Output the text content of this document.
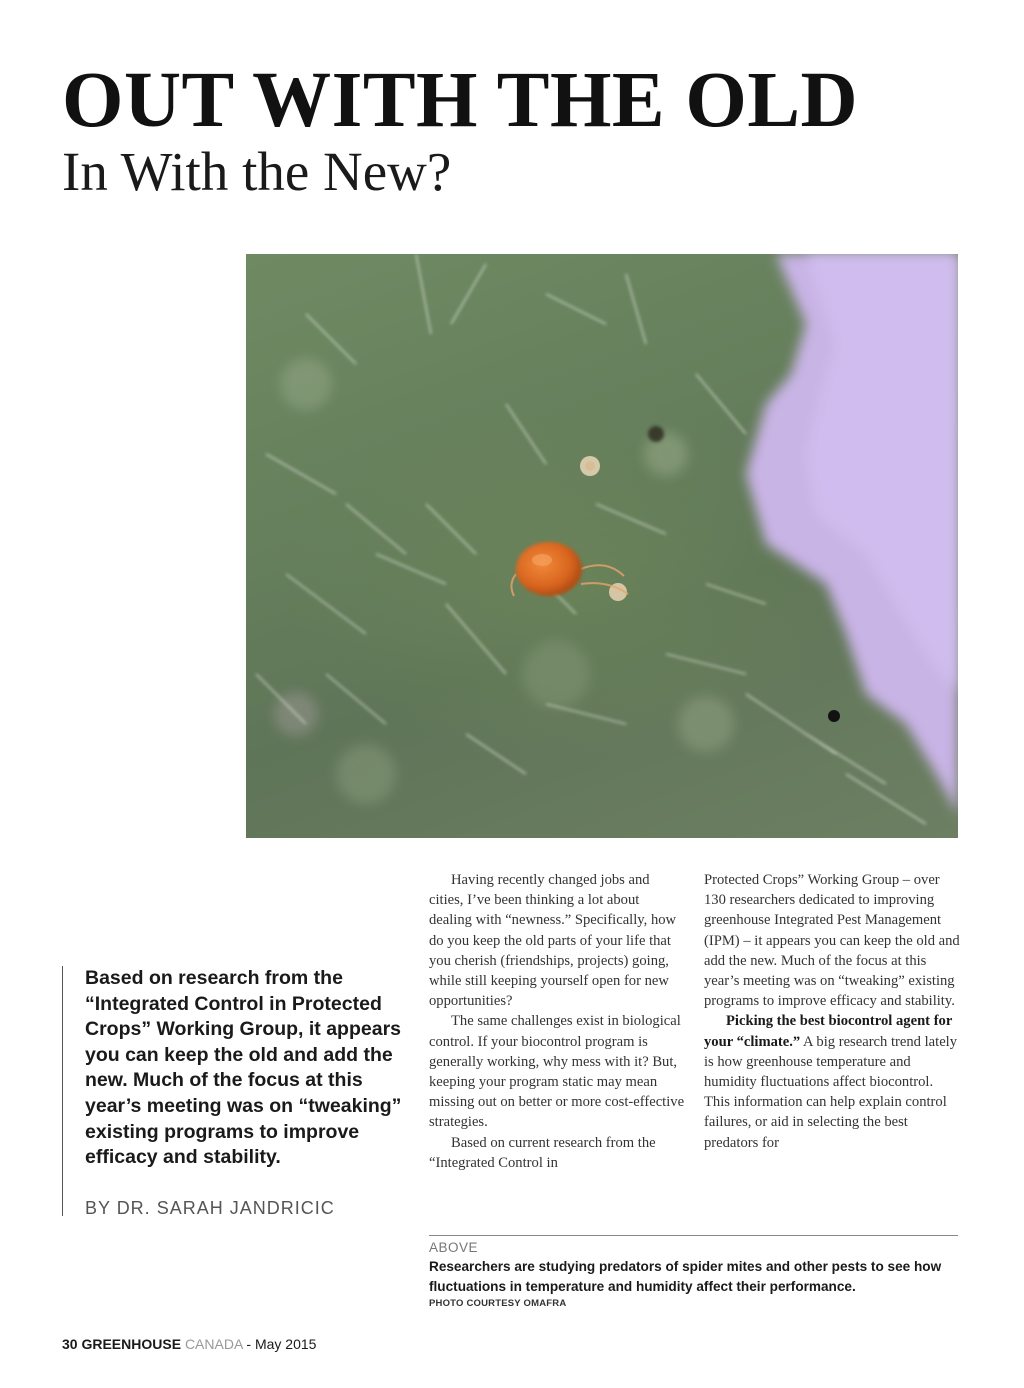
OUT WITH THE OLD
In With the New?

Based on research from the “Integrated Control in Protected Crops” Working Group, it appears you can keep the old and add the new. Much of the focus at this year’s meeting was on “tweaking” existing programs to improve efficacy and stability.

BY DR. SARAH JANDRICIC

Having recently changed jobs and cities, I’ve been thinking a lot about dealing with “newness.” Specifically, how do you keep the old parts of your life that you cherish (friendships, projects) going, while still keeping yourself open for new opportunities?

The same challenges exist in biological control. If your biocontrol program is generally working, why mess with it? But, keeping your program static may mean missing out on better or more cost-effective strategies.

Based on current research from the “Integrated Control in

Protected Crops” Working Group – over 130 researchers dedicated to improving greenhouse Integrated Pest Management (IPM) – it appears you can keep the old and add the new. Much of the focus at this year’s meeting was on “tweaking” existing programs to improve efficacy and stability.

Picking the best biocontrol agent for your “climate.” A big research trend lately is how greenhouse temperature and humidity fluctuations affect biocontrol. This information can help explain control failures, or aid in selecting the best predators for

ABOVE

Researchers are studying predators of spider mites and other pests to see how fluctuations in temperature and humidity affect their performance.

PHOTO COURTESY OMAFRA

30 GREENHOUSE CANADA - May 2015
